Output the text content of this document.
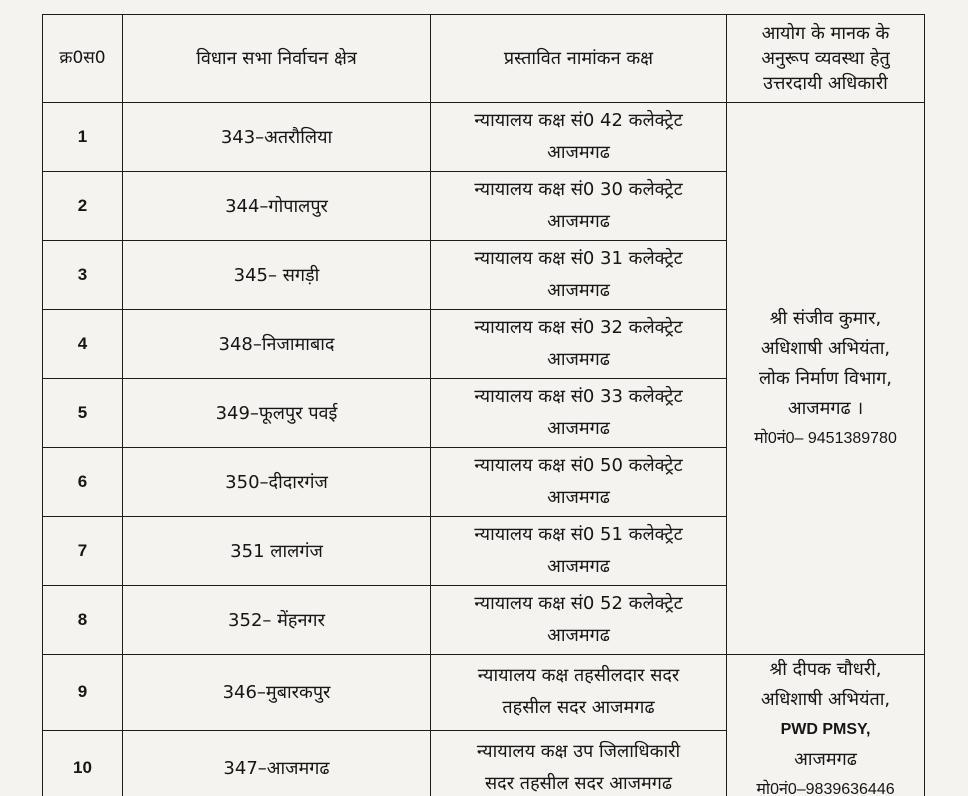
क्र0स0	विधान सभा निर्वाचन क्षेत्र	प्रस्तावित नामांकन कक्ष	आयोग के मानक के
अनुरूप व्यवस्था हेतु
उत्तरदायी अधिकारी

1	343–अतरौलिया	न्यायालय कक्ष सं0 42 कलेक्ट्रेट
आजमगढ	श्री संजीव कुमार,
अधिशाषी अभियंता,
लोक निर्माण विभाग,
आजमगढ ।
मो0नं0– 9451389780

2	344–गोपालपुर	न्यायालय कक्ष सं0 30 कलेक्ट्रेट
आजमगढ	

3	345– सगड़ी	न्यायालय कक्ष सं0 31 कलेक्ट्रेट
आजमगढ	

4	348–निजामाबाद	न्यायालय कक्ष सं0 32 कलेक्ट्रेट
आजमगढ	

5	349–फूलपुर पवई	न्यायालय कक्ष सं0 33 कलेक्ट्रेट
आजमगढ	

6	350–दीदारगंज	न्यायालय कक्ष सं0 50 कलेक्ट्रेट
आजमगढ	

7	351 लालगंज	न्यायालय कक्ष सं0 51 कलेक्ट्रेट
आजमगढ	

8	352– मेंहनगर	न्यायालय कक्ष सं0 52 कलेक्ट्रेट
आजमगढ	

9	346–मुबारकपुर	न्यायालय कक्ष तहसीलदार सदर
तहसील सदर आजमगढ	श्री दीपक चौधरी,
अधिशाषी अभियंता,
PWD PMSY,
आजमगढ
मो0नं0–9839636446

10	347–आजमगढ	न्यायालय कक्ष उप जिलाधिकारी
सदर तहसील सदर आजमगढ	
